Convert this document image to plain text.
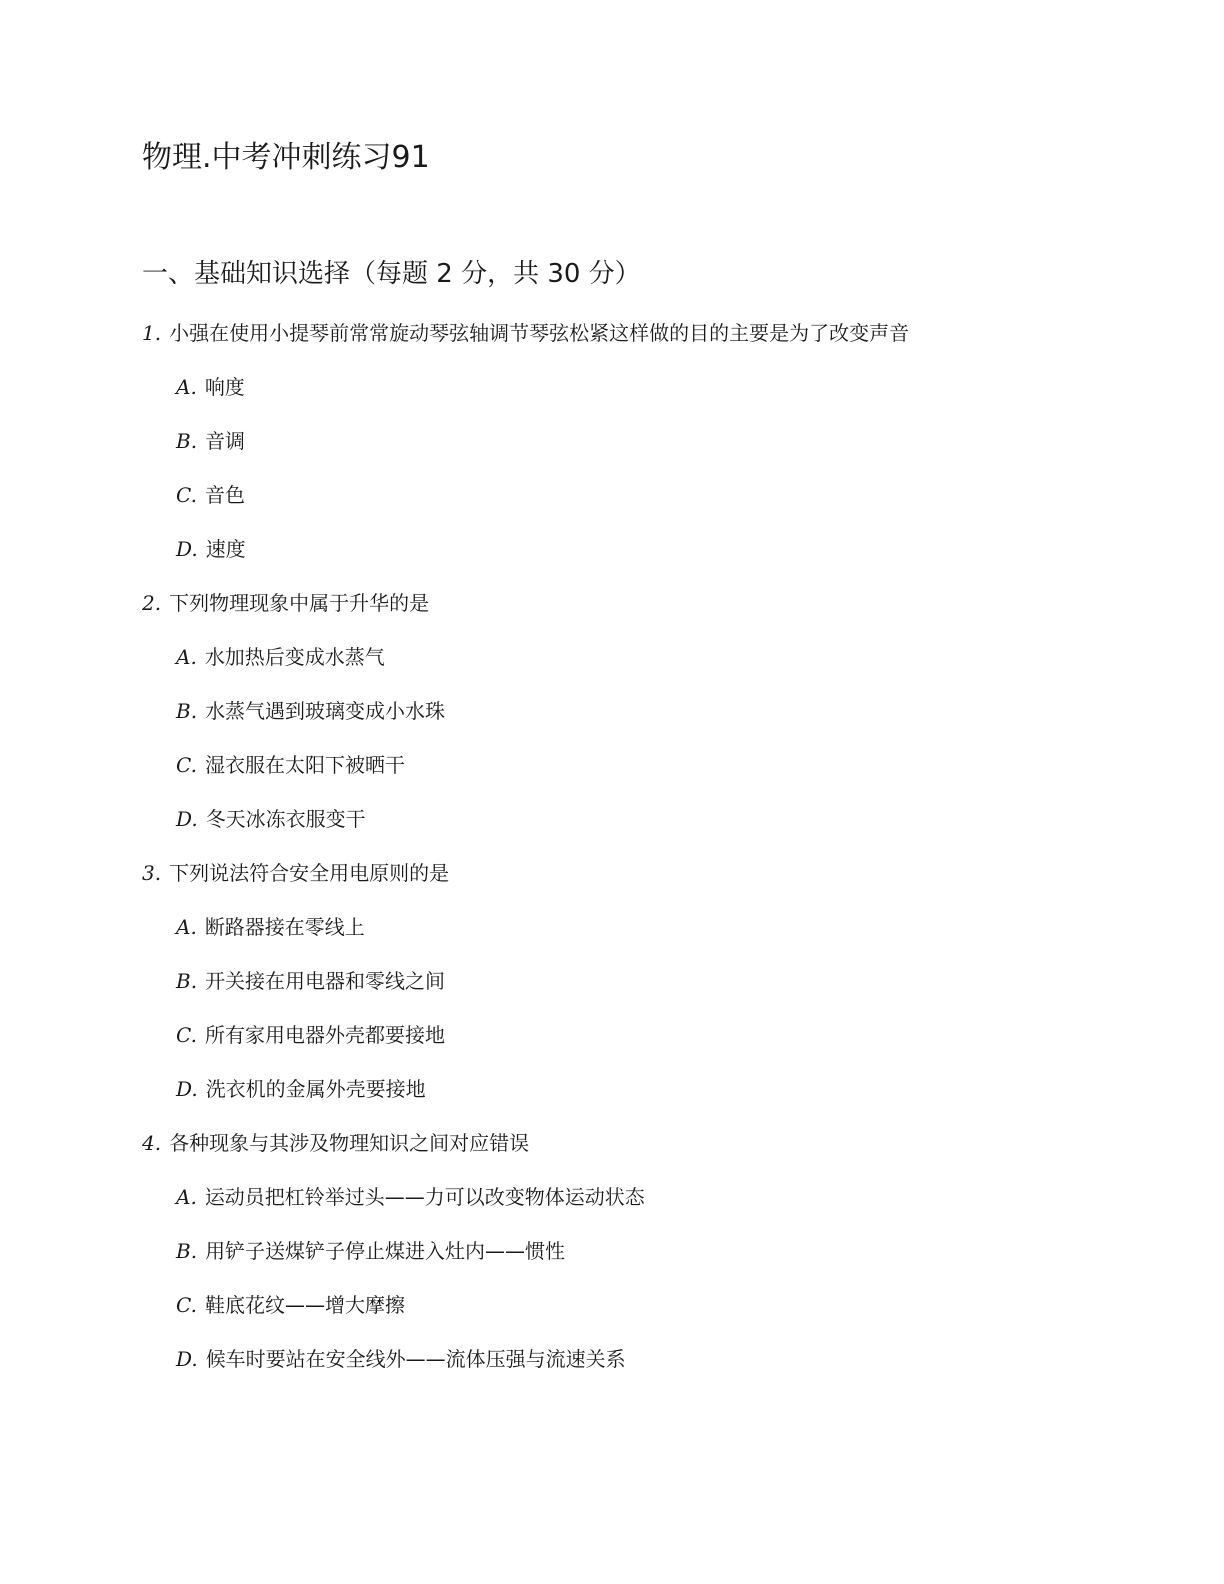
物理.中考冲刺练习91
一、基础知识选择（每题 2 分，共 30 分）
1. 小强在使用小提琴前常常旋动琴弦轴调节琴弦松紧这样做的目的主要是为了改变声音
A. 响度
B. 音调
C. 音色
D. 速度
2. 下列物理现象中属于升华的是
A. 水加热后变成水蒸气
B. 水蒸气遇到玻璃变成小水珠
C. 湿衣服在太阳下被晒干
D. 冬天冰冻衣服变干
3. 下列说法符合安全用电原则的是
A. 断路器接在零线上
B. 开关接在用电器和零线之间
C. 所有家用电器外壳都要接地
D. 洗衣机的金属外壳要接地
4. 各种现象与其涉及物理知识之间对应错误
A. 运动员把杠铃举过头——力可以改变物体运动状态
B. 用铲子送煤铲子停止煤进入灶内——惯性
C. 鞋底花纹——增大摩擦
D. 候车时要站在安全线外——流体压强与流速关系
